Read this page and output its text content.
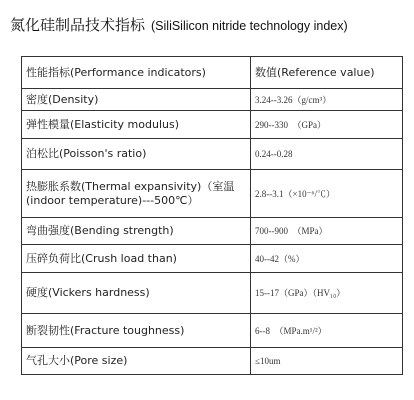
氮化硅制品技术指标 (SiliSilicon nitride technology index)
性能指标(Performance indicators)	数值(Reference value)
密度(Density)	3.24--3.26（g/cm³）
弹性模量(Elasticity modulus)	290--330　（GPa）
泊松比(Poisson's ratio)	0.24--0.28
热膨胀系数(Thermal expansivity)（室温(indoor temperature)---500℃）	2.8--3.1（×10⁻⁶/℃）
弯曲强度(Bending strength)	700--900　（MPa）
压碎负荷比(Crush load than)	40--42（%）
硬度(Vickers hardness)	15--17（GPa）（HV₁₀）
断裂韧性(Fracture toughness)	6--8　（MPa.m¹/²）
气孔大小(Pore size)	≤10um
